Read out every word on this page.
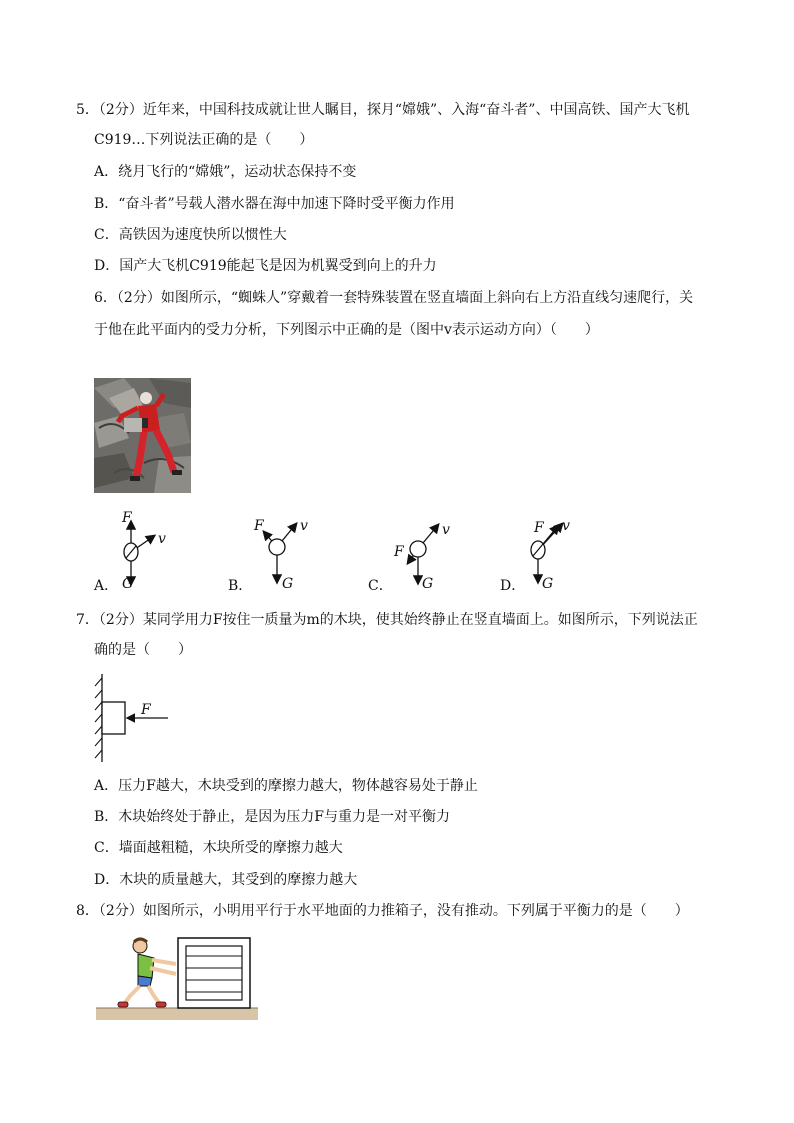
5．（2分）近年来，中国科技成就让世人瞩目，探月“嫦娥”、入海“奋斗者”、中国高铁、国产大飞机
C919…下列说法正确的是（　　）
A．绕月飞行的“嫦娥”，运动状态保持不变
B．“奋斗者”号载人潜水器在海中加速下降时受平衡力作用
C．高铁因为速度快所以惯性大
D．国产大飞机C919能起飞是因为机翼受到向上的升力
6．（2分）如图所示，“蜘蛛人”穿戴着一套特殊装置在竖直墙面上斜向右上方沿直线匀速爬行，关
于他在此平面内的受力分析，下列图示中正确的是（图中v表示运动方向）（　　）
F
v
G
A．
F	v
G
B．
F
v
G
C．
F v
G
D．
7．（2分）某同学用力F按住一质量为m的木块，使其始终静止在竖直墙面上。如图所示，下列说法正
确的是（　　）
F
A．压力F越大，木块受到的摩擦力越大，物体越容易处于静止
B．木块始终处于静止，是因为压力F与重力是一对平衡力
C．墙面越粗糙，木块所受的摩擦力越大
D．木块的质量越大，其受到的摩擦力越大
8．（2分）如图所示，小明用平行于水平地面的力推箱子，没有推动。下列属于平衡力的是（　　）
